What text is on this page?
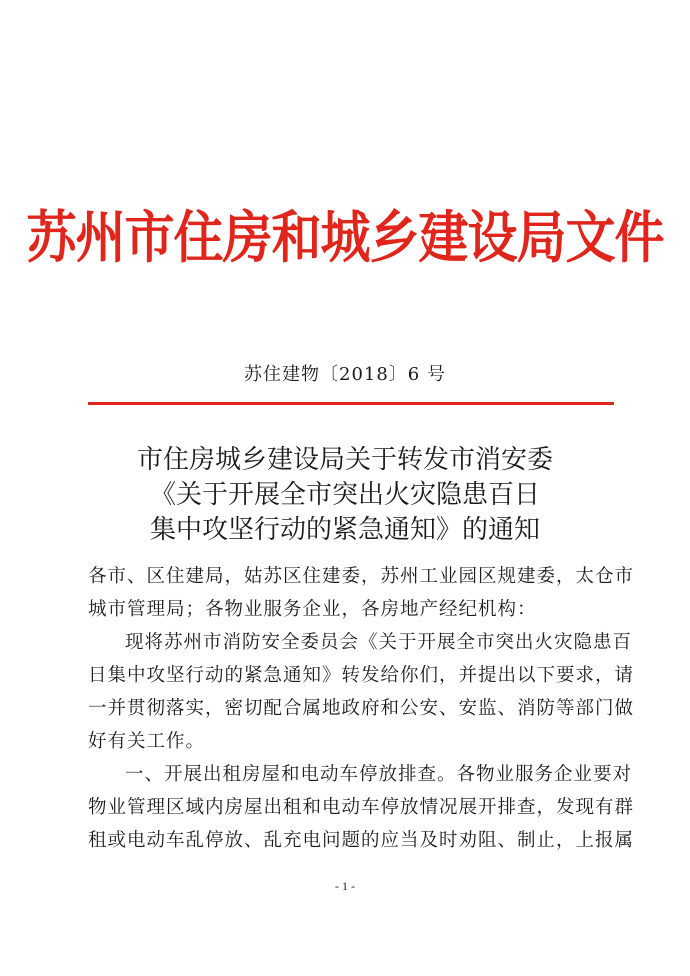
苏州市住房和城乡建设局文件
苏住建物〔2018〕6 号
市住房城乡建设局关于转发市消安委
《关于开展全市突出火灾隐患百日
集中攻坚行动的紧急通知》的通知
各市、区住建局，姑苏区住建委，苏州工业园区规建委，太仓市
城市管理局；各物业服务企业，各房地产经纪机构：
现将苏州市消防安全委员会《关于开展全市突出火灾隐患百
日集中攻坚行动的紧急通知》转发给你们，并提出以下要求，请
一并贯彻落实，密切配合属地政府和公安、安监、消防等部门做
好有关工作。
一、开展出租房屋和电动车停放排查。各物业服务企业要对
物业管理区域内房屋出租和电动车停放情况展开排查，发现有群
租或电动车乱停放、乱充电问题的应当及时劝阻、制止，上报属
- 1 -
